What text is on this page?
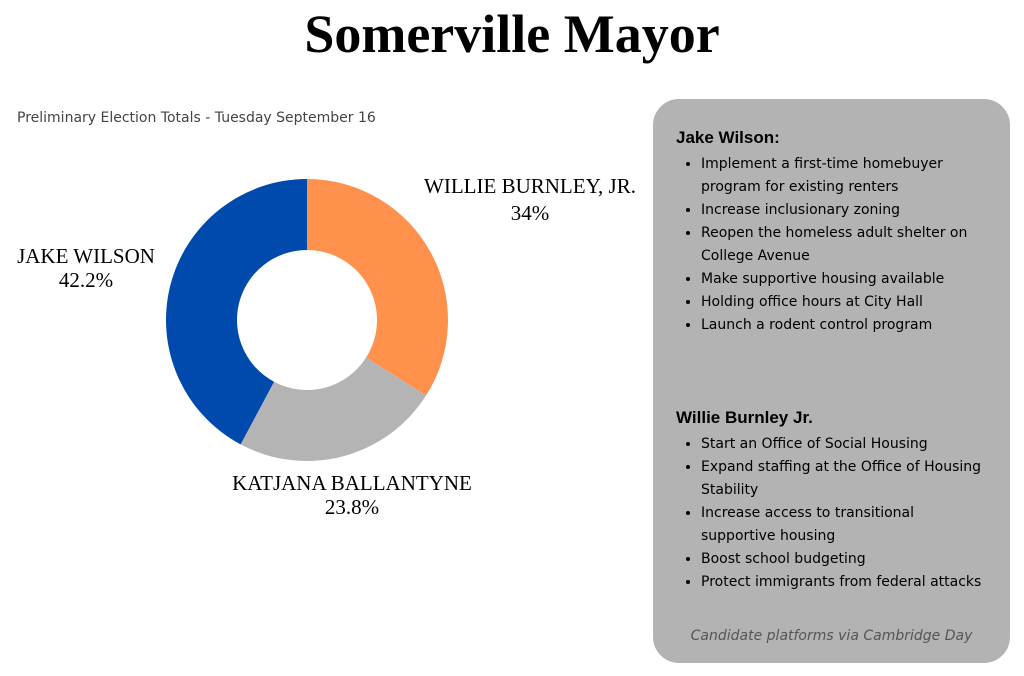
Somerville Mayor
Preliminary Election Totals - Tuesday September 16
WILLIE BURNLEY, JR.
34%
KATJANA BALLANTYNE
23.8%
JAKE WILSON
42.2%
Jake Wilson:
• Implement a first-time homebuyer program for existing renters
• Increase inclusionary zoning
• Reopen the homeless adult shelter on College Avenue
• Make supportive housing available
• Holding office hours at City Hall
• Launch a rodent control program
Willie Burnley Jr.
• Start an Office of Social Housing
• Expand staffing at the Office of Housing Stability
• Increase access to transitional supportive housing
• Boost school budgeting
• Protect immigrants from federal attacks
Candidate platforms via Cambridge Day
